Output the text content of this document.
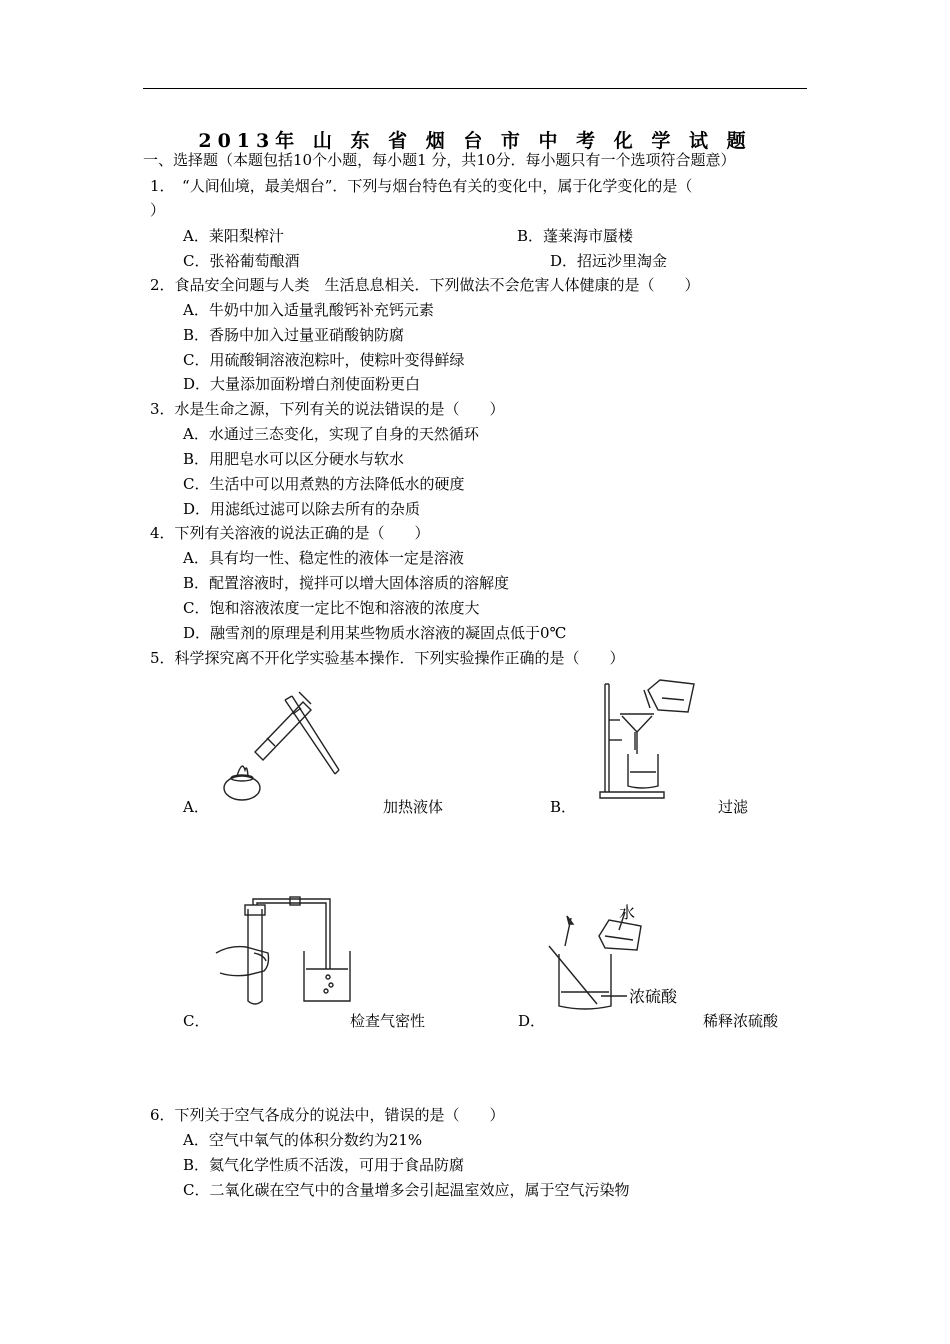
2013年 山 东 省 烟 台 市 中 考 化 学 试 题
一、选择题（本题包括10个小题，每小题1 分，共10分．每小题只有一个选项符合题意）
1．　“人间仙境，最美烟台”．下列与烟台特色有关的变化中，属于化学变化的是（
）
A．莱阳梨榨汁	B．蓬莱海市蜃楼
C．张裕葡萄酿酒	D．招远沙里淘金
2．食品安全问题与人类　生活息息相关．下列做法不会危害人体健康的是（　　）
A．牛奶中加入适量乳酸钙补充钙元素
B．香肠中加入过量亚硝酸钠防腐
C．用硫酸铜溶液泡粽叶，使粽叶变得鲜绿
D．大量添加面粉增白剂使面粉更白
3．水是生命之源，下列有关的说法错误的是（　　）
A．水通过三态变化，实现了自身的天然循环
B．用肥皂水可以区分硬水与软水
C．生活中可以用煮熟的方法降低水的硬度
D．用滤纸过滤可以除去所有的杂质
4．下列有关溶液的说法正确的是（　　）
A．具有均一性、稳定性的液体一定是溶液
B．配置溶液时，搅拌可以增大固体溶质的溶解度
C．饱和溶液浓度一定比不饱和溶液的浓度大
D．融雪剂的原理是利用某些物质水溶液的凝固点低于0℃
5．科学探究离不开化学实验基本操作．下列实验操作正确的是（　　）
A．	加热液体	B．	过滤
C．	检查气密性
水
浓硫酸
D．	稀释浓硫酸
6．下列关于空气各成分的说法中，错误的是（　　）
A．空气中氧气的体积分数约为21%
B．氦气化学性质不活泼，可用于食品防腐
C．二氧化碳在空气中的含量增多会引起温室效应，属于空气污染物
